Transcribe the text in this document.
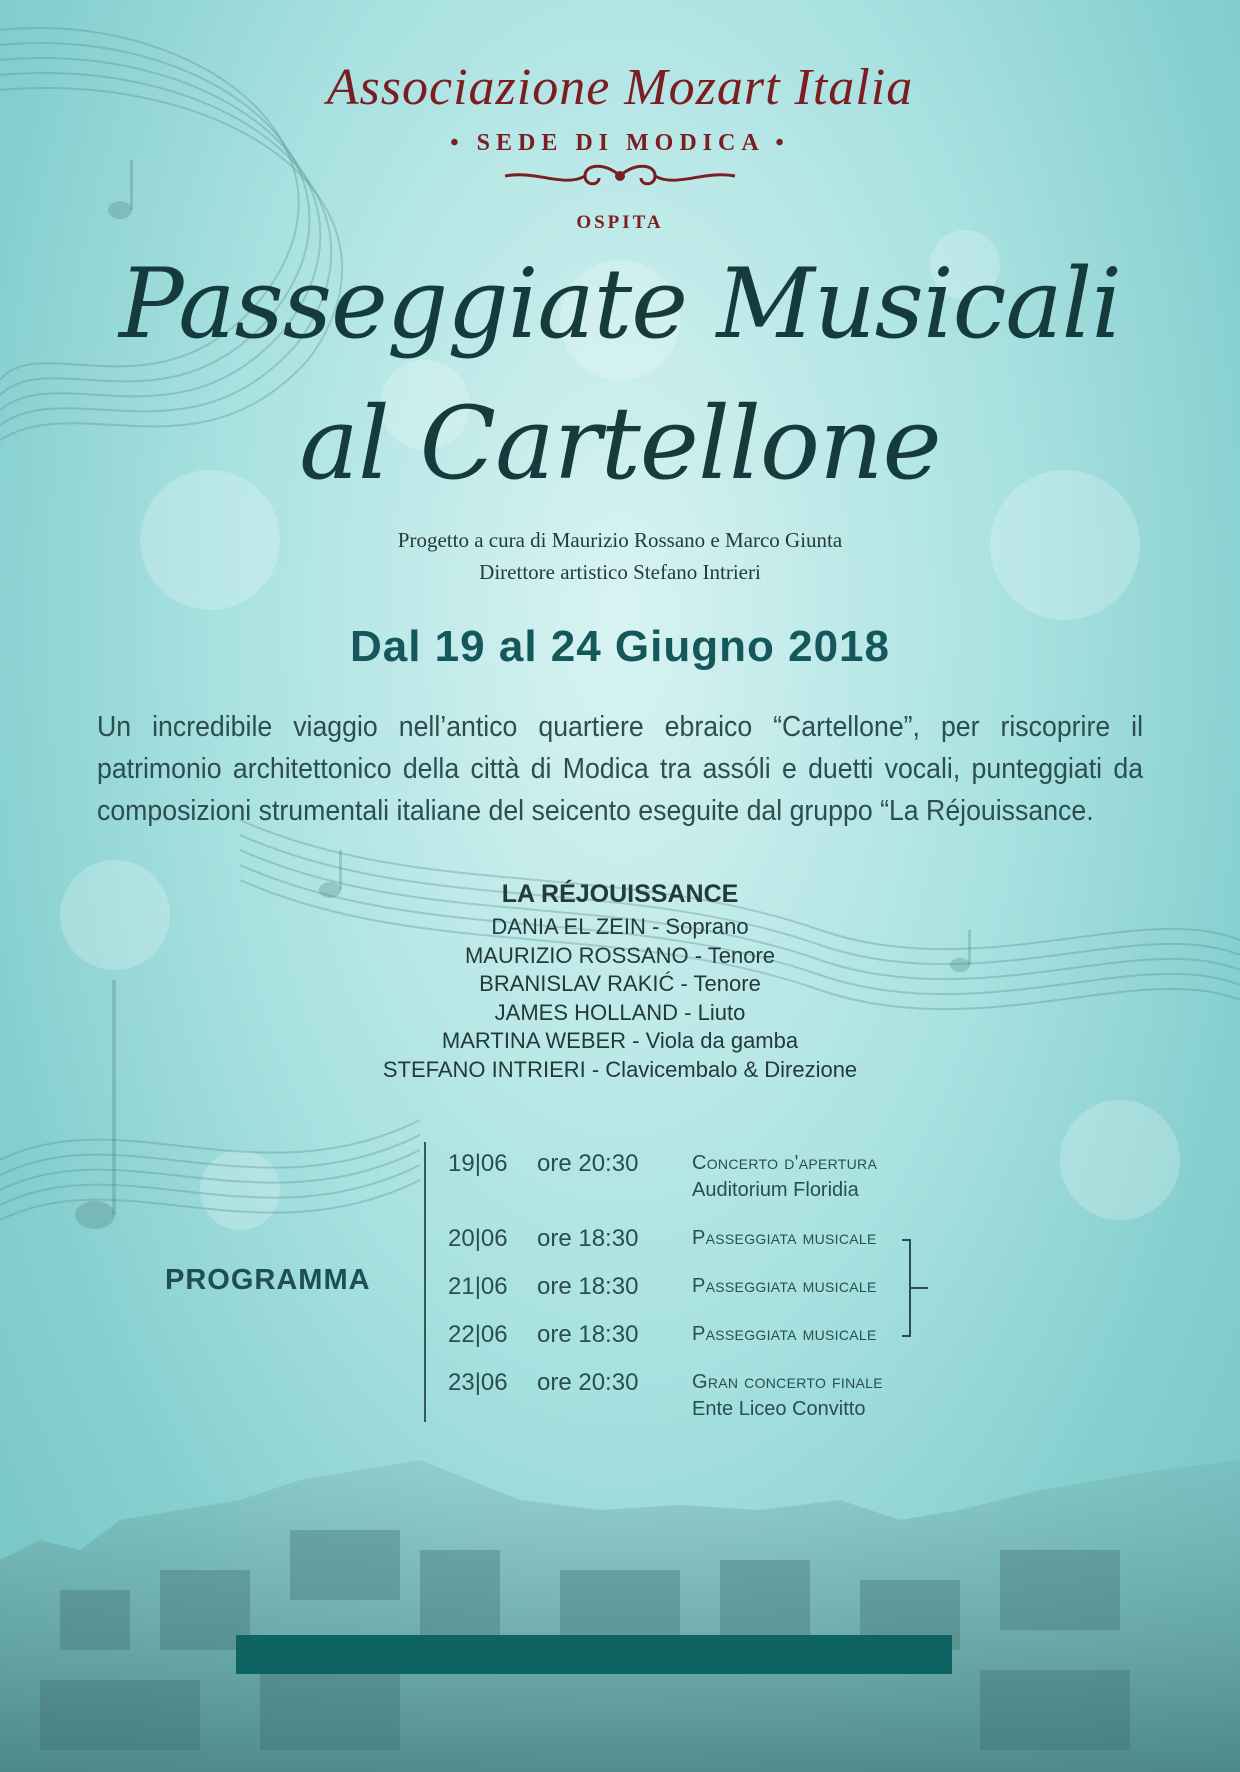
Associazione Mozart Italia
• SEDE DI MODICA •
OSPITA
Passeggiate Musicali
al Cartellone
Progetto a cura di Maurizio Rossano e Marco Giunta
Direttore artistico Stefano Intrieri
Dal 19 al 24 Giugno 2018
Un incredibile viaggio nell’antico quartiere ebraico “Cartellone”, per riscoprire il patrimonio architettonico della città di Modica tra assóli e duetti vocali, punteggiati da composizioni strumentali italiane del seicento eseguite dal gruppo “La Réjouissance.
LA RÉJOUISSANCE
DANIA EL ZEIN - Soprano
MAURIZIO ROSSANO - Tenore
BRANISLAV RAKIĆ - Tenore
JAMES HOLLAND - Liuto
MARTINA WEBER - Viola da gamba
STEFANO INTRIERI - Clavicembalo & Direzione
PROGRAMMA
19|06 ore 20:30	Concerto d'apertura
Auditorium Floridia
20|06 ore 18:30	Passeggiata musicale
21|06 ore 18:30	Passeggiata musicale
22|06 ore 18:30	Passeggiata musicale
23|06 ore 20:30	Gran concerto finale
Ente Liceo Convitto
